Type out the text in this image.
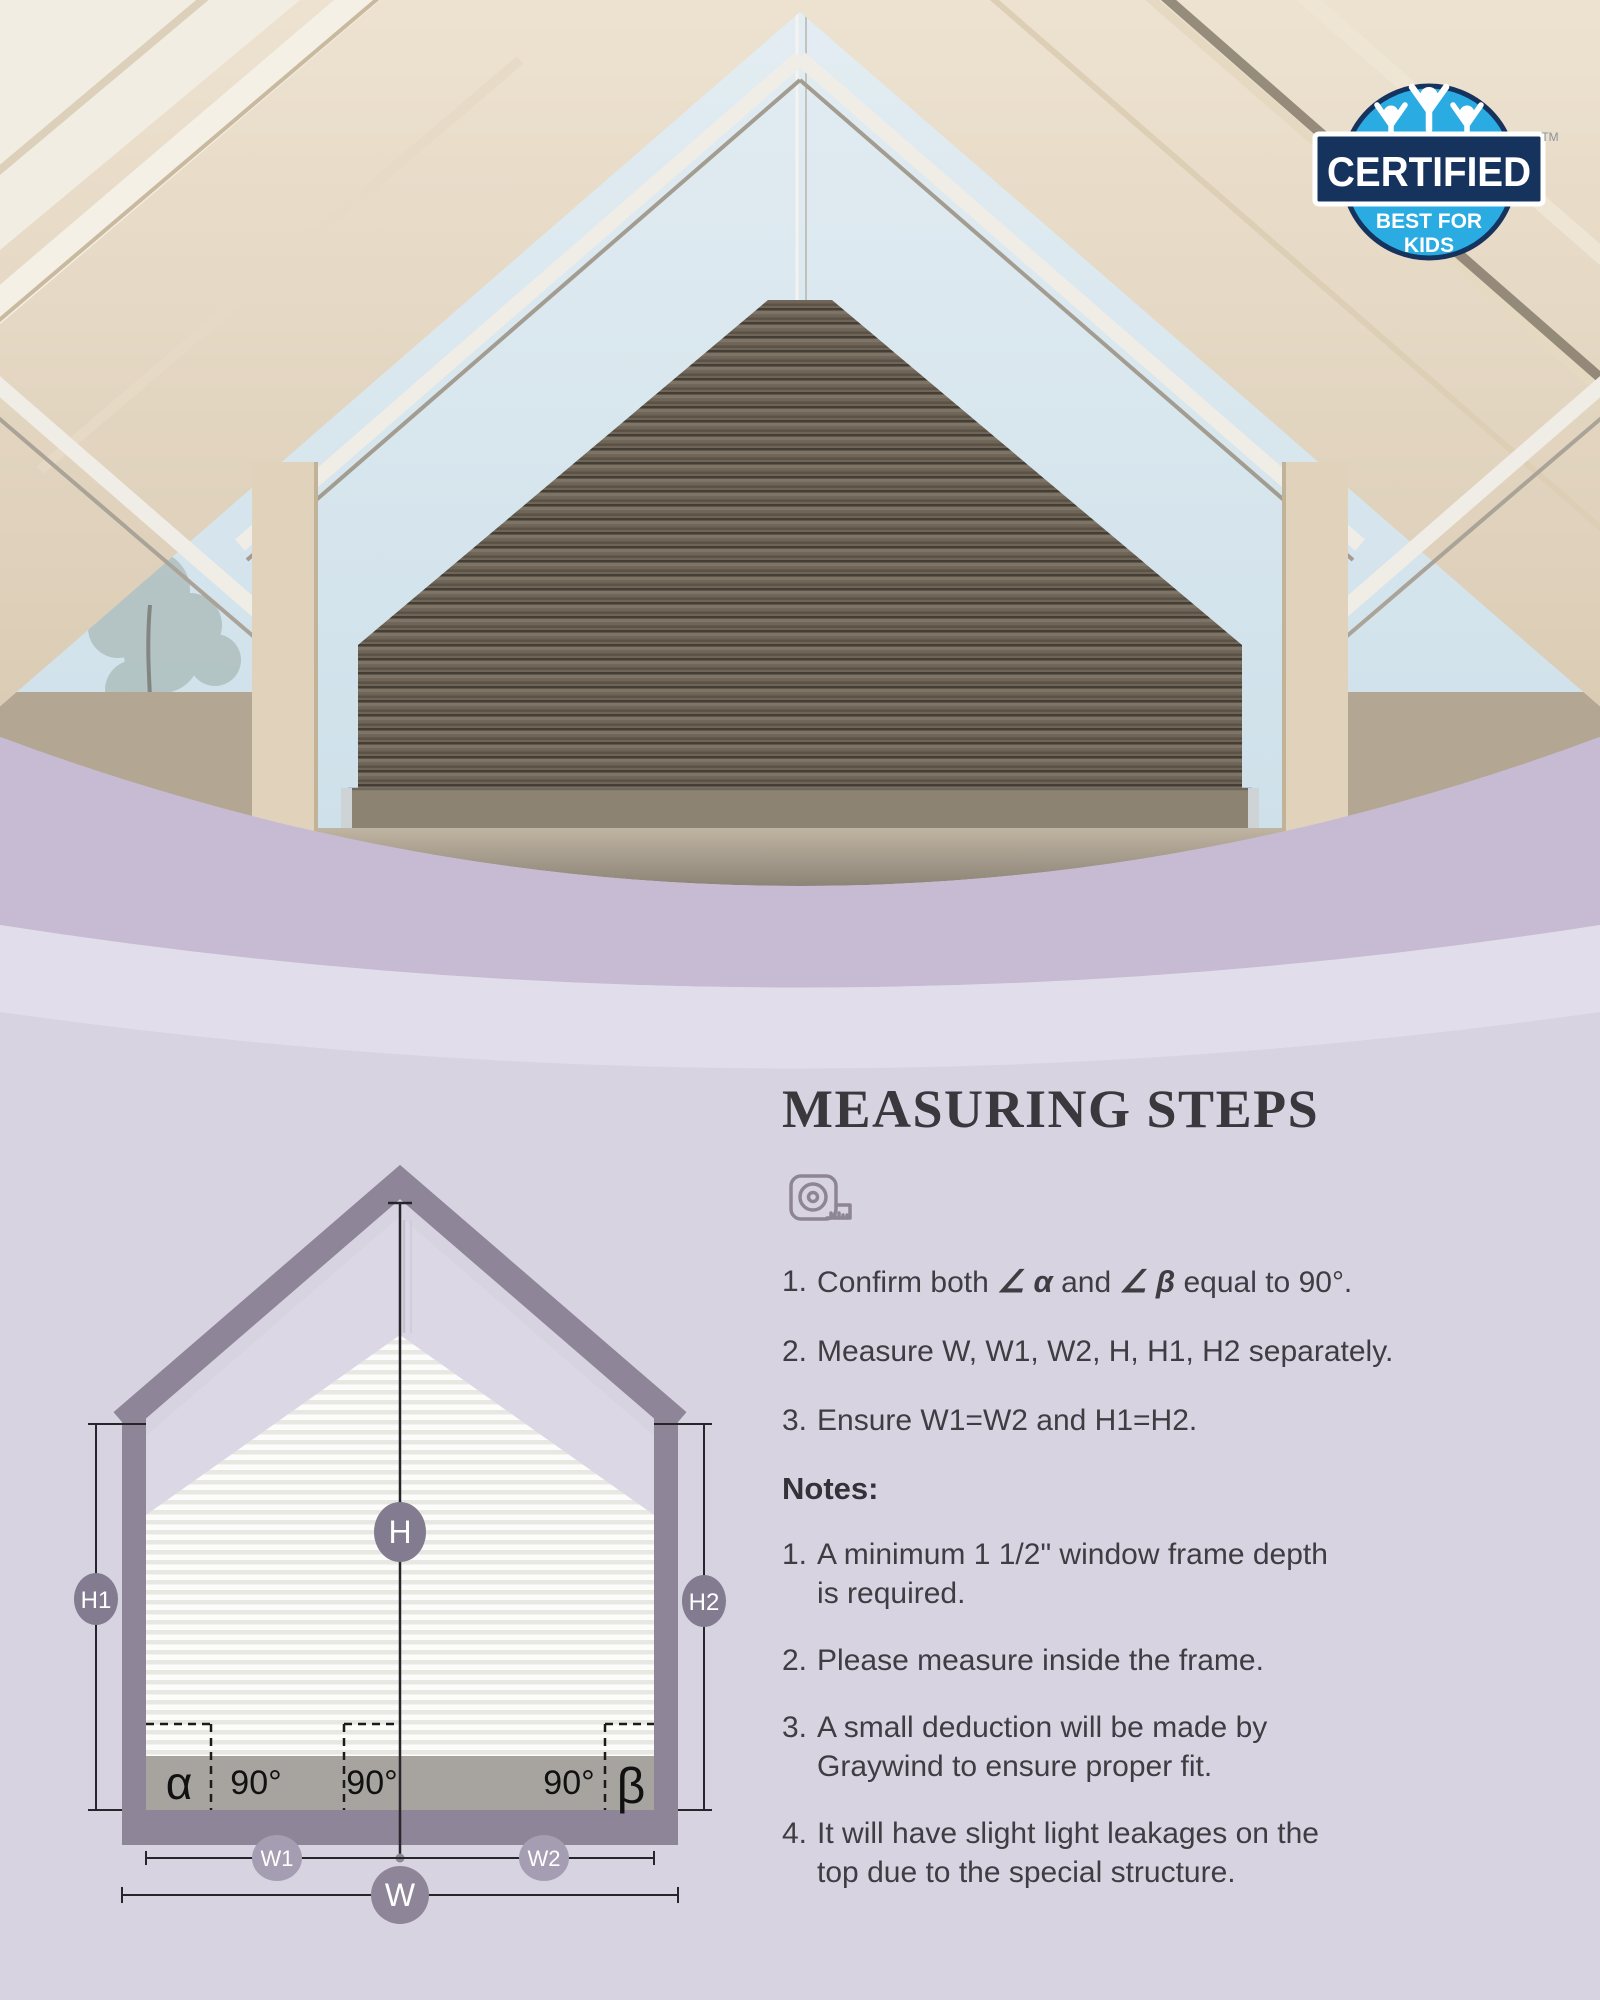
CERTIFIED
BEST FOR
KIDS
TM
α 90° 90°	90° β
H
H1	H2
W1	W2
W
MEASURING STEPS
1. Confirm both ∠ α and ∠ β equal to 90°.
2. Measure W, W1, W2, H, H1, H2 separately.
3. Ensure W1=W2 and H1=H2.
Notes:
1. A minimum 1 1/2" window frame depth
is required.
2. Please measure inside the frame.
3. A small deduction will be made by
Graywind to ensure proper fit.
4. It will have slight light leakages on the
top due to the special structure.
